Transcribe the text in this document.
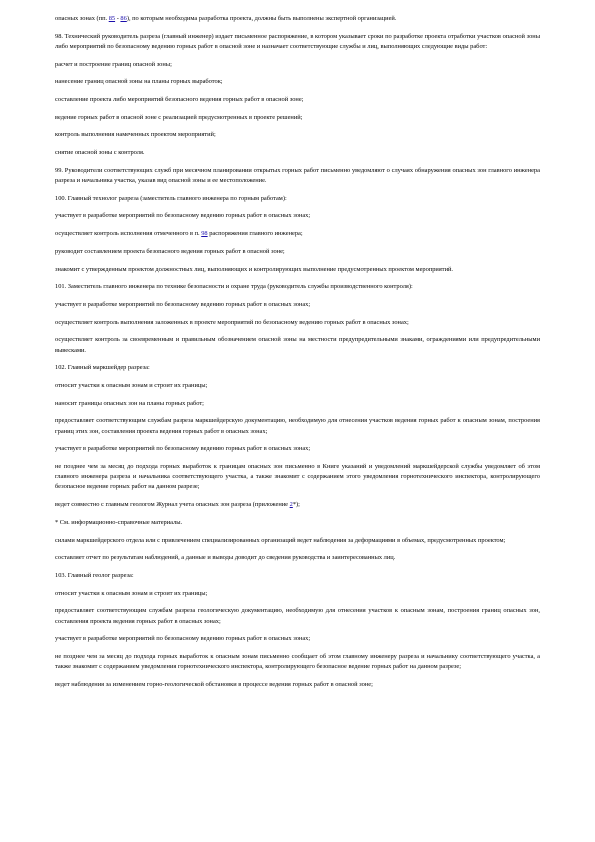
опасных зонах (пп. 85 - 86), по которым необходима разработка проекта, должны быть выполнены экспертной организацией.

98. Технический руководитель разреза (главный инженер) издает письменное распоряжение, в котором указывает сроки по разработке проекта отработки участков опасной зоны либо мероприятий по безопасному ведению горных работ в опасной зоне и назначает соответствующие службы и лиц, выполняющих следующие виды работ:

расчет и построение границ опасной зоны;

нанесение границ опасной зоны на планы горных выработок;

составление проекта либо мероприятий безопасного ведения горных работ в опасной зоне;

ведение горных работ в опасной зоне с реализацией предусмотренных в проекте решений;

контроль выполнения намеченных проектом мероприятий;

снятие опасной зоны с контроля.

99. Руководители соответствующих служб при месячном планировании открытых горных работ письменно уведомляют о случаях обнаружения опасных зон главного инженера разреза и начальника участка, указав вид опасной зоны и ее местоположение.

100. Главный технолог разреза (заместитель главного инженера по горным работам):

участвует в разработке мероприятий по безопасному ведению горных работ в опасных зонах;

осуществляет контроль исполнения отмеченного в п. 98 распоряжения главного инженера;

руководит составлением проекта безопасного ведения горных работ в опасной зоне;

знакомит с утвержденным проектом должностных лиц, выполняющих и контролирующих выполнение предусмотренных проектом мероприятий.

101. Заместитель главного инженера по технике безопасности и охране труда (руководитель службы производственного контроля):

участвует в разработке мероприятий по безопасному ведению горных работ в опасных зонах;

осуществляет контроль выполнения заложенных в проекте мероприятий по безопасному ведению горных работ в опасных зонах;

осуществляет контроль за своевременным и правильным обозначением опасной зоны на местности предупредительными знаками, ограждениями или предупредительными вывесками.

102. Главный маркшейдер разреза:

относит участки к опасным зонам и строит их границы;

наносит границы опасных зон на планы горных работ;

предоставляет соответствующим службам разреза маркшейдерскую документацию, необходимую для отнесения участков ведения горных работ к опасным зонам, построения границ этих зон, составления проекта ведения горных работ в опасных зонах;

участвует в разработке мероприятий по безопасному ведению горных работ в опасных зонах;

не позднее чем за месяц до подхода горных выработок к границам опасных зон письменно в Книге указаний и уведомлений маркшейдерской службы уведомляет об этом главного инженера разреза и начальника соответствующего участка, а также знакомит с содержанием этого уведомления горнотехнического инспектора, контролирующего безопасное ведение горных работ на данном разрезе;

ведет совместно с главным геологом Журнал учета опасных зон разреза (приложение 2*);

* См. информационно-справочные материалы.

силами маркшейдерского отдела или с привлечением специализированных организаций ведет наблюдения за деформациями в объемах, предусмотренных проектом;

составляет отчет по результатам наблюдений, а данные и выводы доводит до сведения руководства и заинтересованных лиц.

103. Главный геолог разреза:

относит участки к опасным зонам и строит их границы;

предоставляет соответствующим службам разреза геологическую документацию, необходимую для отнесения участков к опасным зонам, построения границ опасных зон, составления проекта ведения горных работ в опасных зонах;

участвует в разработке мероприятий по безопасному ведению горных работ в опасных зонах;

не позднее чем за месяц до подхода горных выработок к опасным зонам письменно сообщает об этом главному инженеру разреза и начальнику соответствующего участка, а также знакомит с содержанием уведомления горнотехнического инспектора, контролирующего безопасное ведение горных работ на данном разрезе;

ведет наблюдения за изменением горно-геологической обстановки в процессе ведения горных работ в опасной зоне;
